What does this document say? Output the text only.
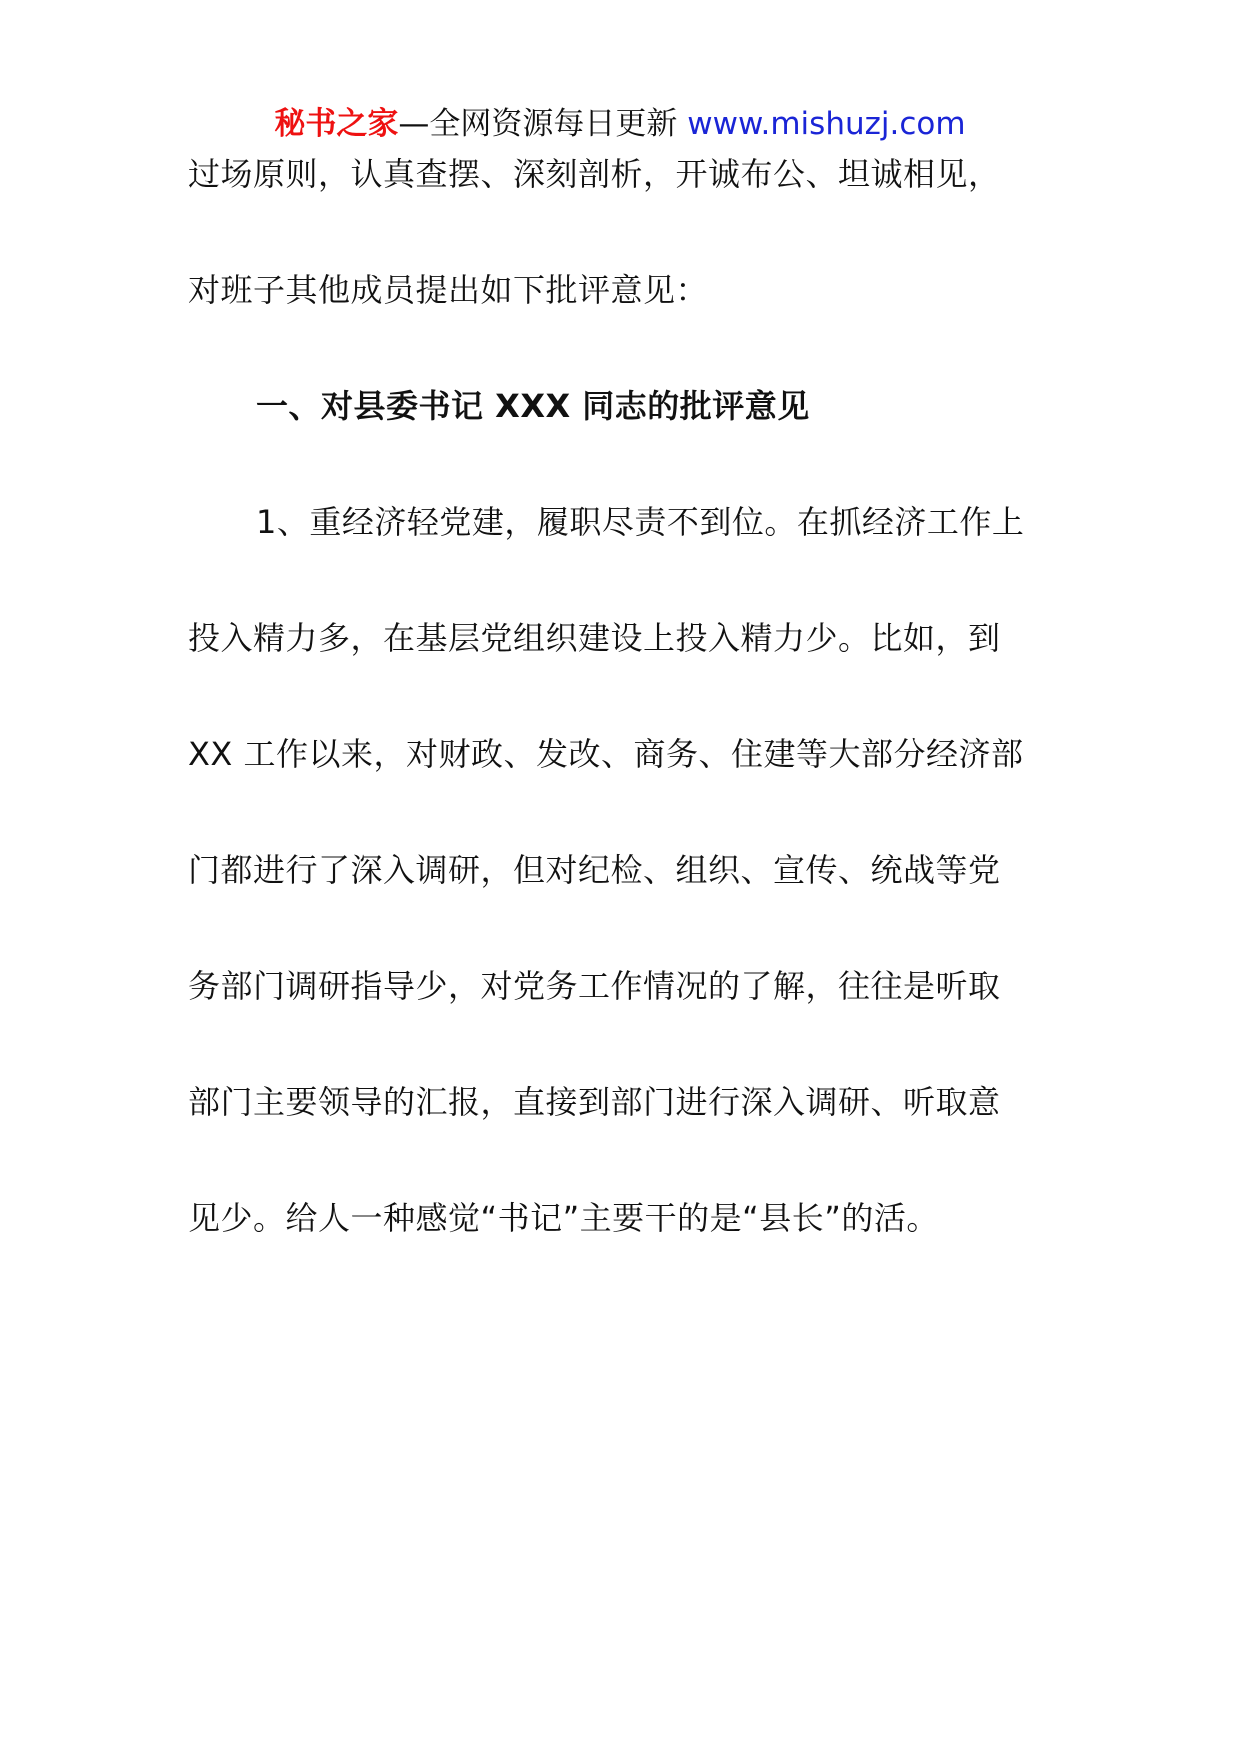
秘书之家—全网资源每日更新 www.mishuzj.com
过场原则，认真查摆、深刻剖析，开诚布公、坦诚相见，
对班子其他成员提出如下批评意见：
一、对县委书记 XXX 同志的批评意见
1、重经济轻党建，履职尽责不到位。在抓经济工作上
投入精力多，在基层党组织建设上投入精力少。比如，到
XX 工作以来，对财政、发改、商务、住建等大部分经济部
门都进行了深入调研，但对纪检、组织、宣传、统战等党
务部门调研指导少，对党务工作情况的了解，往往是听取
部门主要领导的汇报，直接到部门进行深入调研、听取意
见少。给人一种感觉“书记”主要干的是“县长”的活。
